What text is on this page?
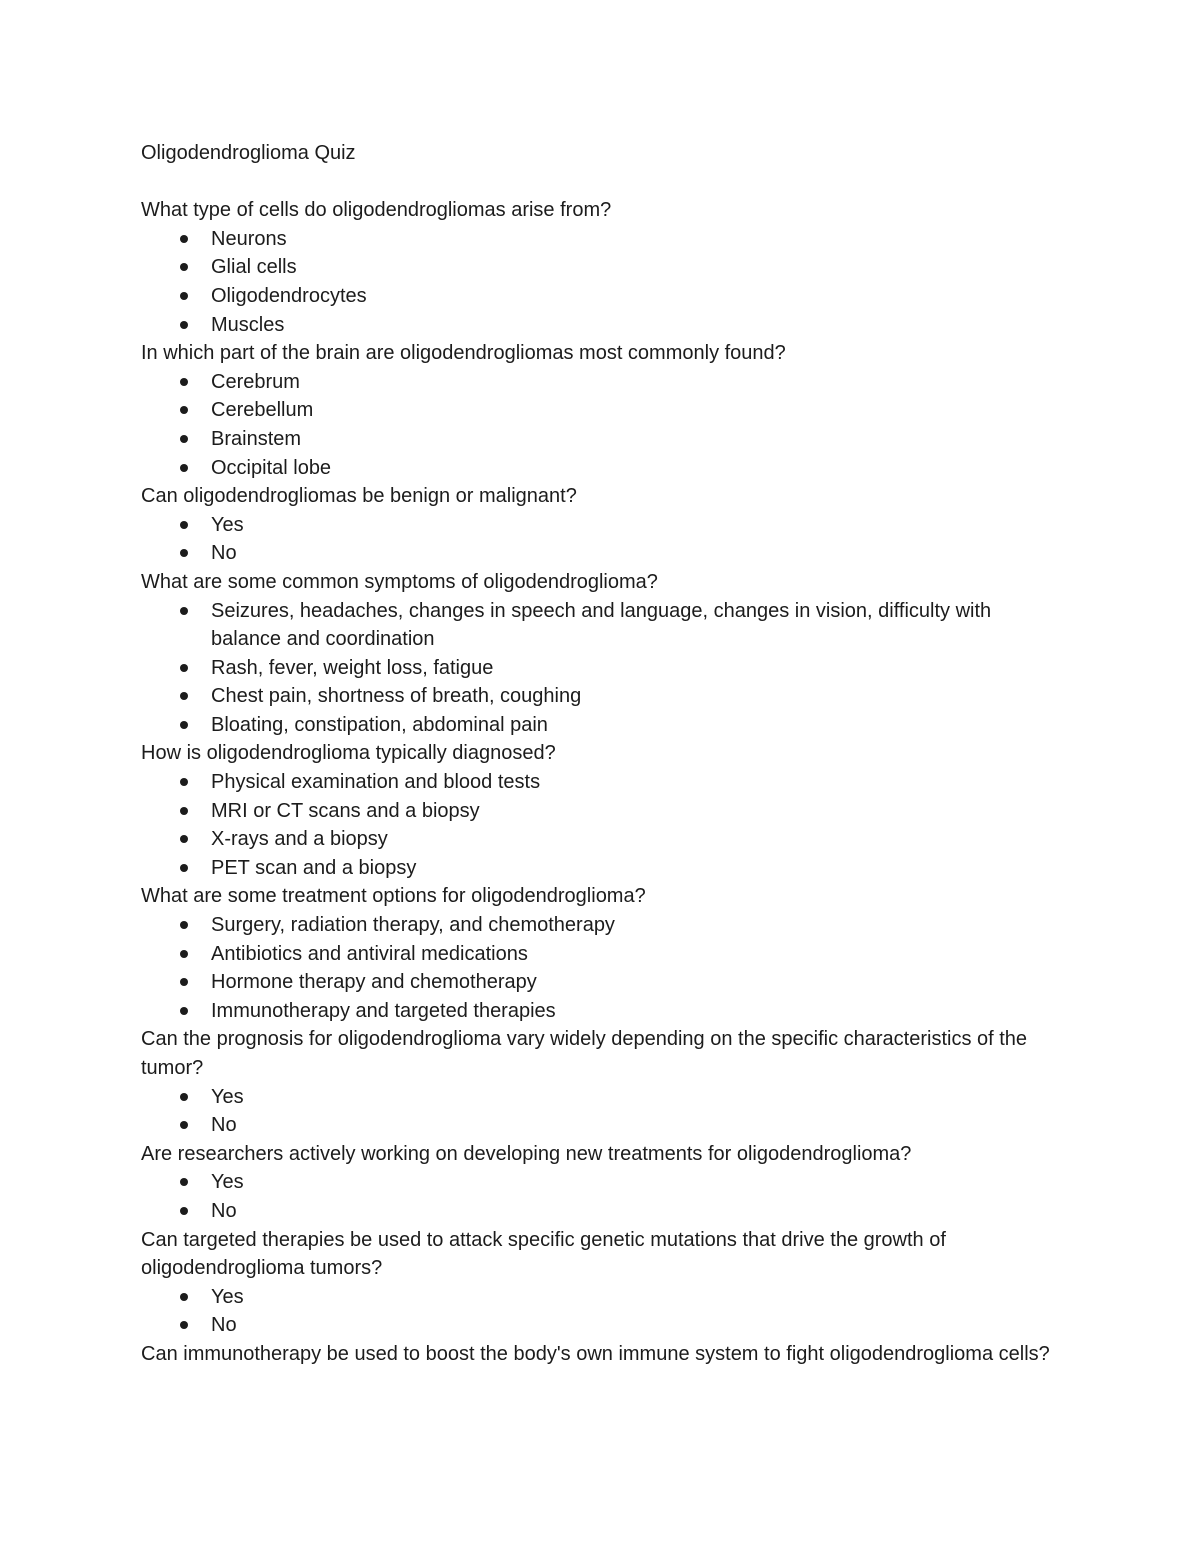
Oligodendroglioma Quiz

What type of cells do oligodendrogliomas arise from?

Neurons
Glial cells
Oligodendrocytes
Muscles

In which part of the brain are oligodendrogliomas most commonly found?

Cerebrum
Cerebellum
Brainstem
Occipital lobe

Can oligodendrogliomas be benign or malignant?

Yes
No

What are some common symptoms of oligodendroglioma?

Seizures, headaches, changes in speech and language, changes in vision, difficulty with balance and coordination
Rash, fever, weight loss, fatigue
Chest pain, shortness of breath, coughing
Bloating, constipation, abdominal pain

How is oligodendroglioma typically diagnosed?

Physical examination and blood tests
MRI or CT scans and a biopsy
X-rays and a biopsy
PET scan and a biopsy

What are some treatment options for oligodendroglioma?

Surgery, radiation therapy, and chemotherapy
Antibiotics and antiviral medications
Hormone therapy and chemotherapy
Immunotherapy and targeted therapies

Can the prognosis for oligodendroglioma vary widely depending on the specific characteristics of the tumor?

Yes
No

Are researchers actively working on developing new treatments for oligodendroglioma?

Yes
No

Can targeted therapies be used to attack specific genetic mutations that drive the growth of oligodendroglioma tumors?

Yes
No

Can immunotherapy be used to boost the body's own immune system to fight oligodendroglioma cells?
